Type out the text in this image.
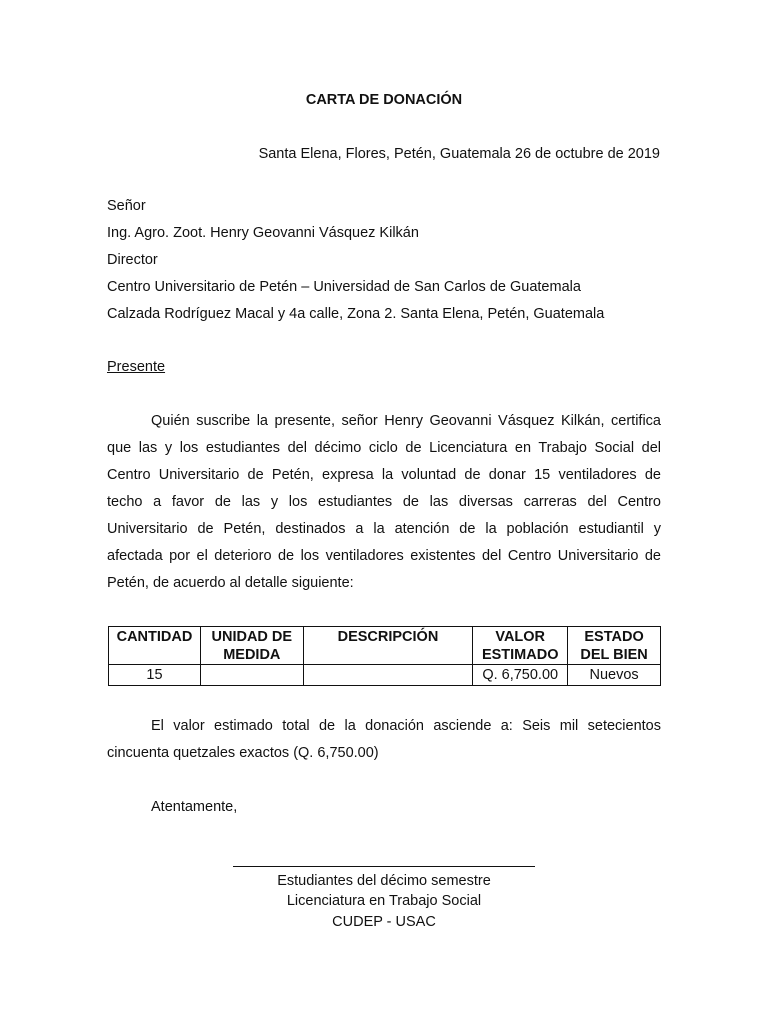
CARTA DE DONACIÓN
Santa Elena, Flores, Petén, Guatemala 26 de octubre de 2019
Señor
Ing. Agro. Zoot. Henry Geovanni Vásquez Kilkán
Director
Centro Universitario de Petén – Universidad de San Carlos de Guatemala
Calzada Rodríguez Macal y 4a calle, Zona 2. Santa Elena, Petén, Guatemala
Presente
Quién suscribe la presente, señor Henry Geovanni Vásquez Kilkán, certifica
que las y los estudiantes del décimo ciclo de Licenciatura en Trabajo Social del
Centro Universitario de Petén, expresa la voluntad de donar 15 ventiladores de
techo a favor de las y los estudiantes de las diversas carreras del Centro
Universitario de Petén, destinados a la atención de la población estudiantil y
afectada por el deterioro de los ventiladores existentes del Centro Universitario de
Petén, de acuerdo al detalle siguiente:
CANTIDAD	UNIDAD DE MEDIDA	DESCRIPCIÓN	VALOR ESTIMADO	ESTADO DEL BIEN
15			Q. 6,750.00	Nuevos
El valor estimado total de la donación asciende a: Seis mil setecientos
cincuenta quetzales exactos (Q. 6,750.00)
Atentamente,
Estudiantes del décimo semestre
Licenciatura en Trabajo Social
CUDEP - USAC
